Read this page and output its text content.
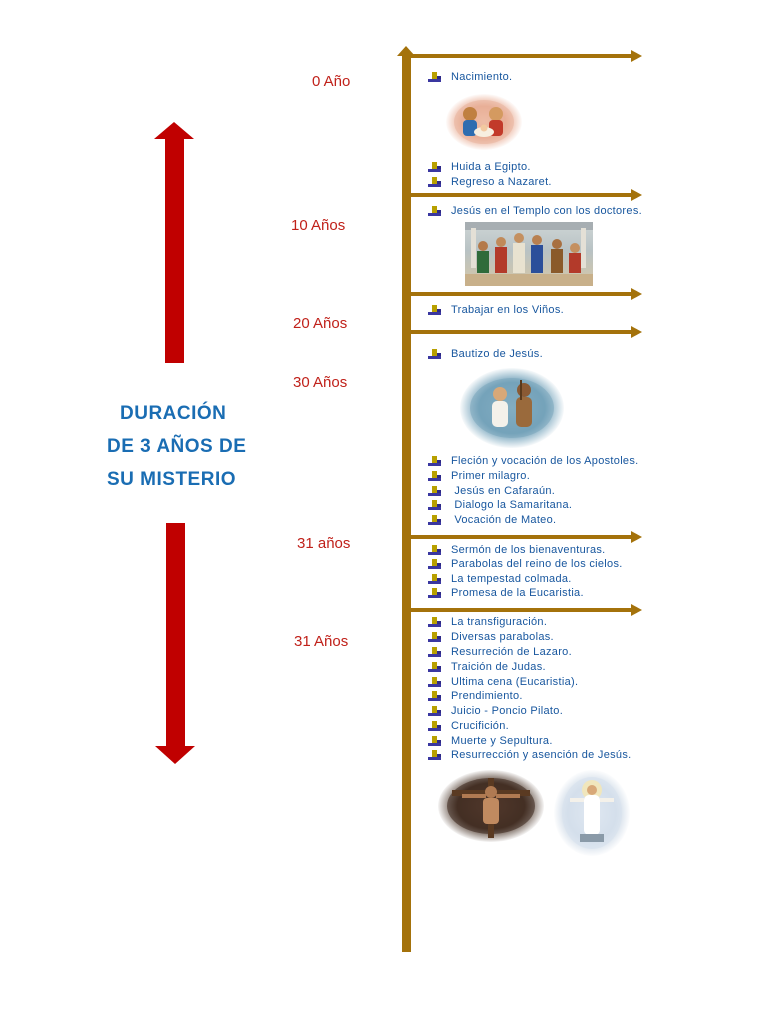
DURACIÓN
DE 3 AÑOS DE
SU MISTERIO
0 Año
10 Años
20 Años
30 Años
31 años
31 Años
Nacimiento.
Huida a Egipto.
Regreso a Nazaret.
Jesús en el Templo con los doctores.
Trabajar en los Viños.
Bautizo de Jesús.
Fleción y vocación de los Apostoles.
Primer milagro.
Jesús en Cafaraún.
Dialogo la Samaritana.
Vocación de Mateo.
Sermón de los bienaventuras.
Parabolas del reino de los cielos.
La tempestad colmada.
Promesa de la Eucaristia.
La transfiguración.
Diversas parabolas.
Resurreción de Lazaro.
Traición de Judas.
Ultima cena (Eucaristia).
Prendimiento.
Juicio - Poncio Pilato.
Crucifición.
Muerte y Sepultura.
Resurrección y asención de Jesús.
